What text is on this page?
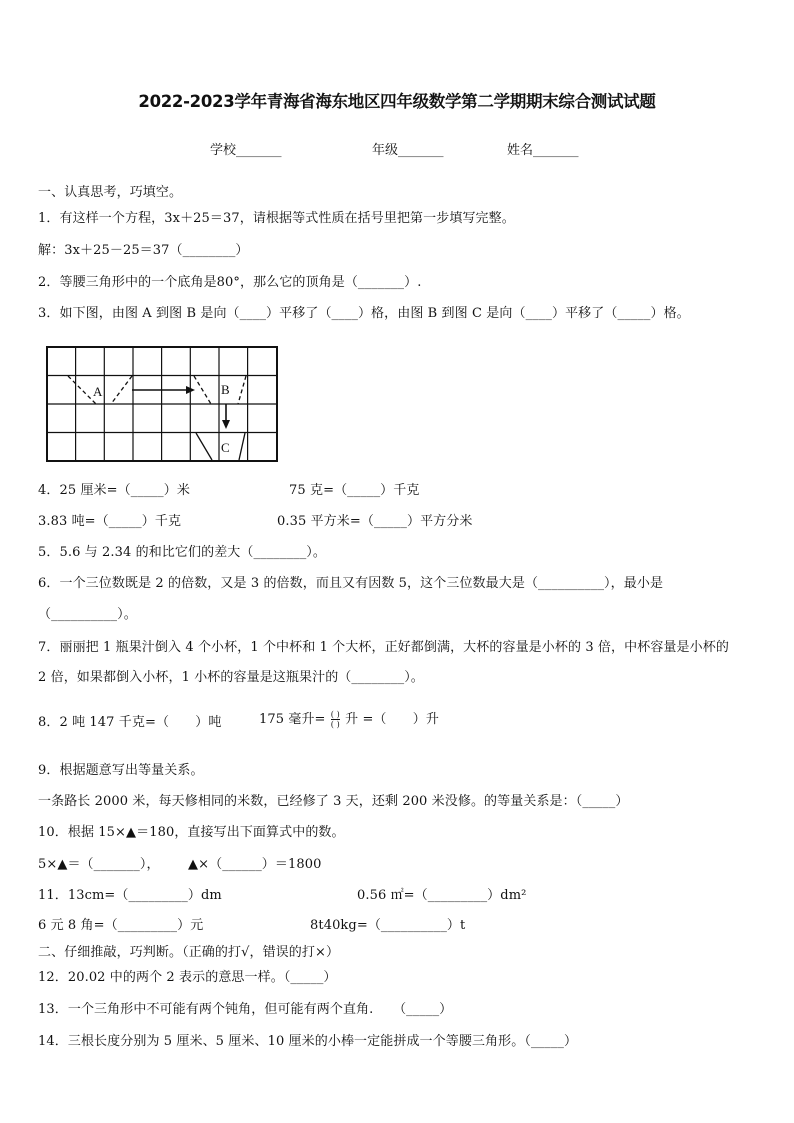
2022-2023学年青海省海东地区四年级数学第二学期期末综合测试试题
学校_______	年级_______	姓名_______
一、认真思考，巧填空。
1．有这样一个方程，3x＋25＝37，请根据等式性质在括号里把第一步填写完整。
解：3x＋25－25＝37（________）
2．等腰三角形中的一个底角是80°，那么它的顶角是（_______）.
3．如下图，由图 A 到图 B 是向（____）平移了（____）格，由图 B 到图 C 是向（____）平移了（_____）格。
A	B
C
4．25 厘米=（_____）米	75 克=（_____）千克
3.83 吨=（_____）千克	0.35 平方米=（_____）平方分米
5．5.6 与 2.34 的和比它们的差大（________）。
6．一个三位数既是 2 的倍数，又是 3 的倍数，而且又有因数 5，这个三位数最大是（__________），最小是
（__________）。
7．丽丽把 1 瓶果汁倒入 4 个小杯，1 个中杯和 1 个大杯，正好都倒满，大杯的容量是小杯的 3 倍，中杯容量是小杯的
2 倍，如果都倒入小杯，1 小杯的容量是这瓶果汁的（________）。
8．2 吨 147 千克=（　　）吨	175 毫升= $\frac{( )}{( )}$ 升 =（　　）升
9．根据题意写出等量关系。
一条路长 2000 米，每天修相同的米数，已经修了 3 天，还剩 200 米没修。的等量关系是：（_____）
10．根据 15×▲＝180，直接写出下面算式中的数。
5×▲＝（_______）， ▲×（______）＝1800
11．13cm=（_________）dm	0.56 ㎡=（_________）dm²
6 元 8 角=（_________）元	8t40kg=（__________）t
二、仔细推敲，巧判断。（正确的打√，错误的打×）
12．20.02 中的两个 2 表示的意思一样。（_____）
13．一个三角形中不可能有两个钝角，但可能有两个直角.　　（_____）
14．三根长度分别为 5 厘米、5 厘米、10 厘米的小棒一定能拼成一个等腰三角形。（_____）
